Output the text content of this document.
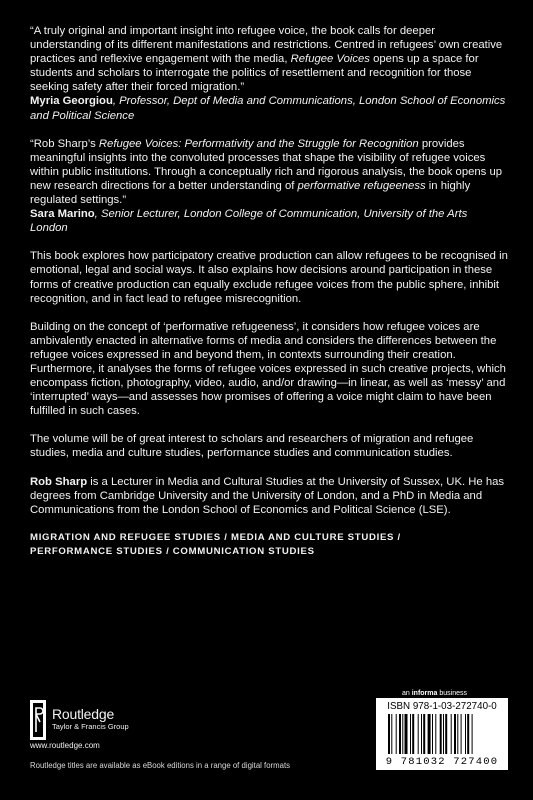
“A truly original and important insight into refugee voice, the book calls for deeper understanding of its different manifestations and restrictions. Centred in refugees’ own creative practices and reflexive engagement with the media, Refugee Voices opens up a space for students and scholars to interrogate the politics of resettlement and recognition for those seeking safety after their forced migration.”
Myria Georgiou, Professor, Dept of Media and Communications, London School of Economics and Political Science
“Rob Sharp’s Refugee Voices: Performativity and the Struggle for Recognition provides meaningful insights into the convoluted processes that shape the visibility of refugee voices within public institutions. Through a conceptually rich and rigorous analysis, the book opens up new research directions for a better understanding of performative refugeeness in highly regulated settings.”
Sara Marino, Senior Lecturer, London College of Communication, University of the Arts London

This book explores how participatory creative production can allow refugees to be recognised in emotional, legal and social ways. It also explains how decisions around participation in these forms of creative production can equally exclude refugee voices from the public sphere, inhibit recognition, and in fact lead to refugee misrecognition.

Building on the concept of ‘performative refugeeness’, it considers how refugee voices are ambivalently enacted in alternative forms of media and considers the differences between the refugee voices expressed in and beyond them, in contexts surrounding their creation. Furthermore, it analyses the forms of refugee voices expressed in such creative projects, which encompass fiction, photography, video, audio, and/or drawing—in linear, as well as ‘messy’ and ‘interrupted’ ways—and assesses how promises of offering a voice might claim to have been fulfilled in such cases.

The volume will be of great interest to scholars and researchers of migration and refugee studies, media and culture studies, performance studies and communication studies.

Rob Sharp is a Lecturer in Media and Cultural Studies at the University of Sussex, UK. He has degrees from Cambridge University and the University of London, and a PhD in Media and Communications from the London School of Economics and Political Science (LSE).

MIGRATION AND REFUGEE STUDIES / MEDIA AND CULTURE STUDIES /
PERFORMANCE STUDIES / COMMUNICATION STUDIES
Routledge
Taylor & Francis Group
www.routledge.com
Routledge titles are available as eBook editions in a range of digital formats
an informa business
ISBN 978-1-03-272740-0
9 781032 727400
